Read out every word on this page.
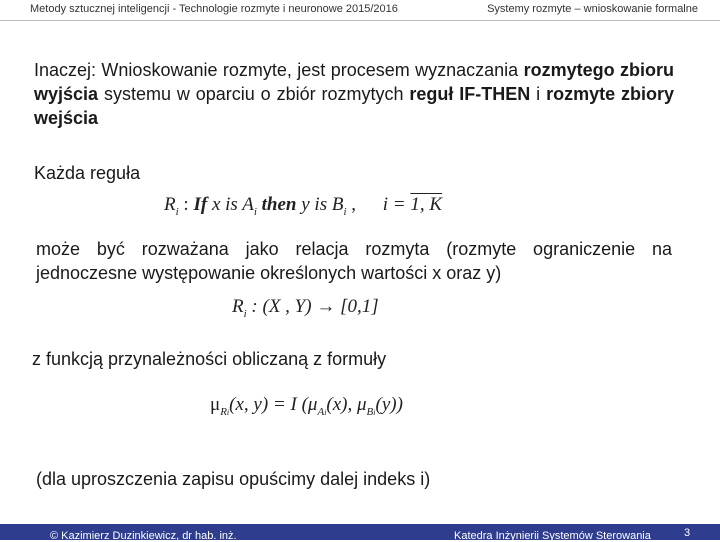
Metody sztucznej inteligencji - Technologie rozmyte i neuronowe 2015/2016	Systemy rozmyte – wnioskowanie formalne
Inaczej: Wnioskowanie rozmyte, jest procesem wyznaczania rozmytego zbioru wyjścia systemu w oparciu o zbiór rozmytych reguł IF-THEN i rozmyte zbiory wejścia
Każda reguła
$R_i$ : If x is $A_i$ then y is $B_i$ , i = 1, K
może być rozważana jako relacja rozmyta (rozmyte ograniczenie na
jednoczesne występowanie określonych wartości x oraz y)
$R_i$ : (X , Y) → [0,1]
z funkcją przynależności obliczaną z formuły
$\mu_{Ri}(x$, y) = I ($\mu_{Ai}(x)$, $\mu_{Bi}(y)$)
(dla uproszczenia zapisu opuścimy dalej indeks i)
© Kazimierz Duzinkiewicz, dr hab. inż.	Katedra Inżynierii Systemów Sterowania	3
